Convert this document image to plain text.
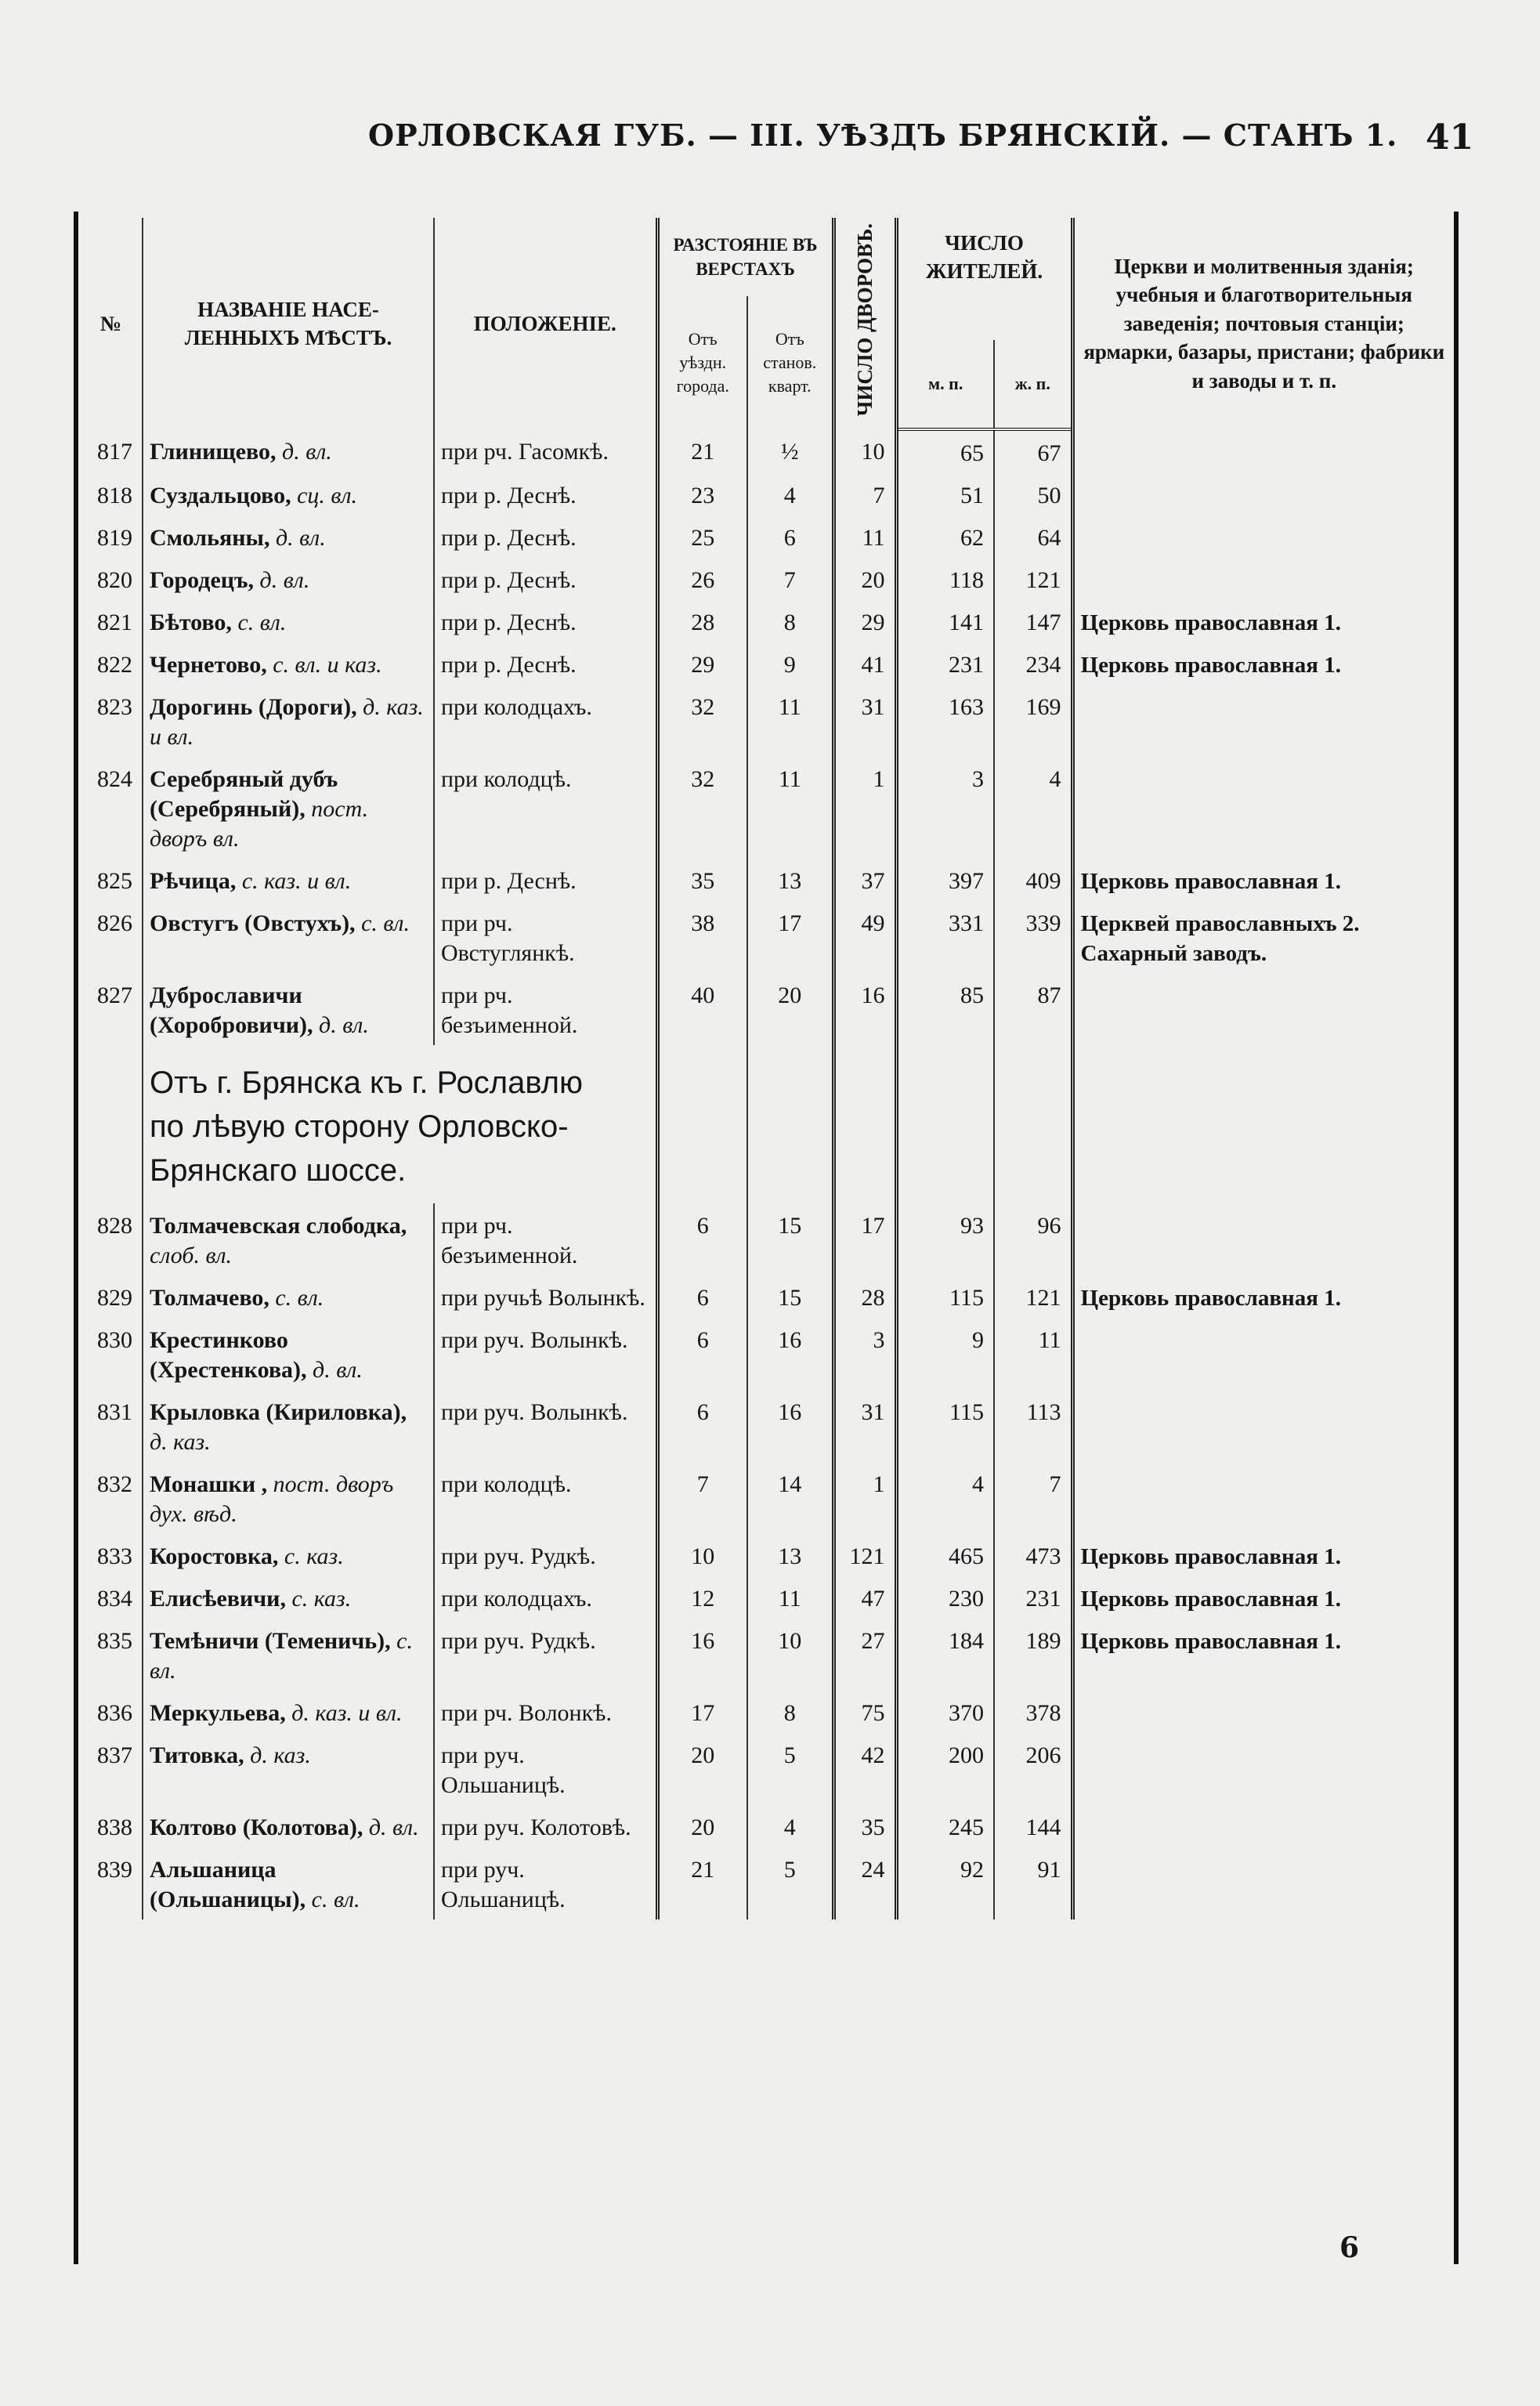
ОРЛОВСКАЯ ГУБ. — III. УѢЗДЪ БРЯНСКІЙ. — СТАНЪ 1. 41
№	НАЗВАНІЕ НАСЕ- ЛЕННЫХЪ МѢСТЪ.	ПОЛОЖЕНІЕ.	РАЗСТОЯНІЕ ВЪ ВЕРСТАХЪ		ЧИСЛО ДВОРОВЪ.	ЧИСЛО ЖИТЕЛЕЙ.		Церкви и молитвенныя зданія; учебныя и благотворительныя заведенія; почтовыя станціи; ярмарки, базары, пристани; фабрики и заводы и т. п.
			Отъ уѣздн. города.	Отъ станов. кварт.				
						м. п.	ж. п.	
817	Глинищево, д. вл.	при рч. Гасомкѣ.	21	½	10	65	67	
818	Суздальцово, сц. вл.	при р. Деснѣ.	23	4	7	51	50	
819	Смольяны, д. вл.	при р. Деснѣ.	25	6	11	62	64	
820	Городецъ, д. вл.	при р. Деснѣ.	26	7	20	118	121	
821	Бѣтово, с. вл.	при р. Деснѣ.	28	8	29	141	147	Церковь православная 1.
822	Чернетово, с. вл. и каз.	при р. Деснѣ.	29	9	41	231	234	Церковь православная 1.
823	Дорогинь (Дороги), д. каз. и вл.	при колодцахъ.	32	11	31	163	169	
824	Серебряный дубъ (Серебряный), пост. дворъ вл.	при колодцѣ.	32	11	1	3	4	
825	Рѣчица, с. каз. и вл.	при р. Деснѣ.	35	13	37	397	409	Церковь православная 1.
826	Овстугъ (Овстухъ), с. вл.	при рч. Овстуглянкѣ.	38	17	49	331	339	Церквей православныхъ 2. Сахарный заводъ.
827	Дуброславичи (Хоробровичи), д. вл.	при рч. безъименной.	40	20	16	85	87	
	Отъ г. Брянска къ г. Рославлю по лѣвую сторону Орловско-Брянскаго шоссе.							
828	Толмачевская слободка, слоб. вл.	при рч. безъименной.	6	15	17	93	96	
829	Толмачево, с. вл.	при ручьѣ Волынкѣ.	6	15	28	115	121	Церковь православная 1.
830	Крестинково (Хрестенкова), д. вл.	при руч. Волынкѣ.	6	16	3	9	11	
831	Крыловка (Кириловка), д. каз.	при руч. Волынкѣ.	6	16	31	115	113	
832	Монашки , пост. дворъ дух. вѣд.	при колодцѣ.	7	14	1	4	7	
833	Коростовка, с. каз.	при руч. Рудкѣ.	10	13	121	465	473	Церковь православная 1.
834	Елисѣевичи, с. каз.	при колодцахъ.	12	11	47	230	231	Церковь православная 1.
835	Темѣничи (Теменичь), с. вл.	при руч. Рудкѣ.	16	10	27	184	189	Церковь православная 1.
836	Меркульева, д. каз. и вл.	при рч. Волонкѣ.	17	8	75	370	378	
837	Титовка, д. каз.	при руч. Ольшаницѣ.	20	5	42	200	206	
838	Колтово (Колотова), д. вл.	при руч. Колотовѣ.	20	4	35	245	144	
839	Альшаница (Ольшаницы), с. вл.	при руч. Ольшаницѣ.	21	5	24	92	91	
6
